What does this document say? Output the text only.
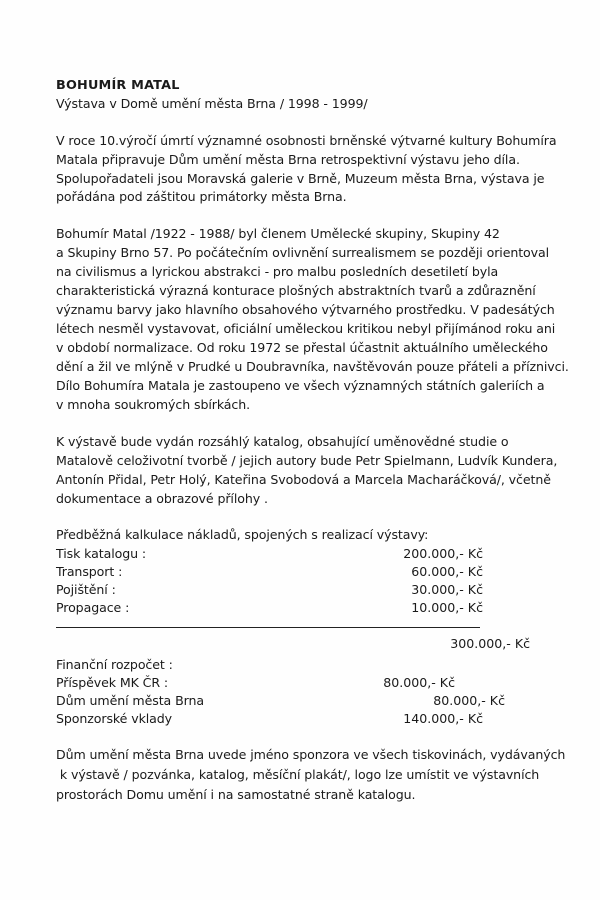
BOHUMÍR MATAL
Výstava v Domě umění města Brna / 1998 - 1999/
V roce 10.výročí úmrtí významné osobnosti brněnské výtvarné kultury Bohumíra
Matala připravuje Dům umění města Brna retrospektivní výstavu jeho díla.
Spolupořadateli jsou Moravská galerie v Brně, Muzeum města Brna, výstava je
pořádána pod záštitou primátorky města Brna.
Bohumír Matal /1922 - 1988/ byl členem Umělecké skupiny, Skupiny 42
a Skupiny Brno 57. Po počátečním ovlivnění surrealismem se později orientoval
na civilismus a lyrickou abstrakci - pro malbu posledních desetiletí byla
charakteristická výrazná konturace plošných abstraktních tvarů a zdůraznění
významu barvy jako hlavního obsahového výtvarného prostředku. V padesátých
létech nesměl vystavovat, oficiální uměleckou kritikou nebyl přijímánod roku ani
v období normalizace. Od roku 1972 se přestal účastnit aktuálního uměleckého
dění a žil ve mlýně v Prudké u Doubravníka, navštěvován pouze přáteli a příznivci.
Dílo Bohumíra Matala je zastoupeno ve všech významných státních galeriích a
v mnoha soukromých sbírkách.
K výstavě bude vydán rozsáhlý katalog, obsahující uměnovědné studie o
Matalově celoživotní tvorbě / jejich autory bude Petr Spielmann, Ludvík Kundera,
Antonín Přidal, Petr Holý, Kateřina Svobodová a Marcela Macharáčková/, včetně
dokumentace a obrazové přílohy .
Předběžná kalkulace nákladů, spojených s realizací výstavy:
Tisk katalogu :	200.000,- Kč
Transport :	60.000,- Kč
Pojištění :	30.000,- Kč
Propagace :	10.000,- Kč
300.000,- Kč
Finanční rozpočet :
Příspěvek MK ČR :	80.000,- Kč
Dům umění města Brna	80.000,- Kč
Sponzorské vklady	140.000,- Kč
Dům umění města Brna uvede jméno sponzora ve všech tiskovinách, vydávaných
k výstavě / pozvánka, katalog, měsíční plakát/, logo lze umístit ve výstavních
prostorách Domu umění i na samostatné straně katalogu.
